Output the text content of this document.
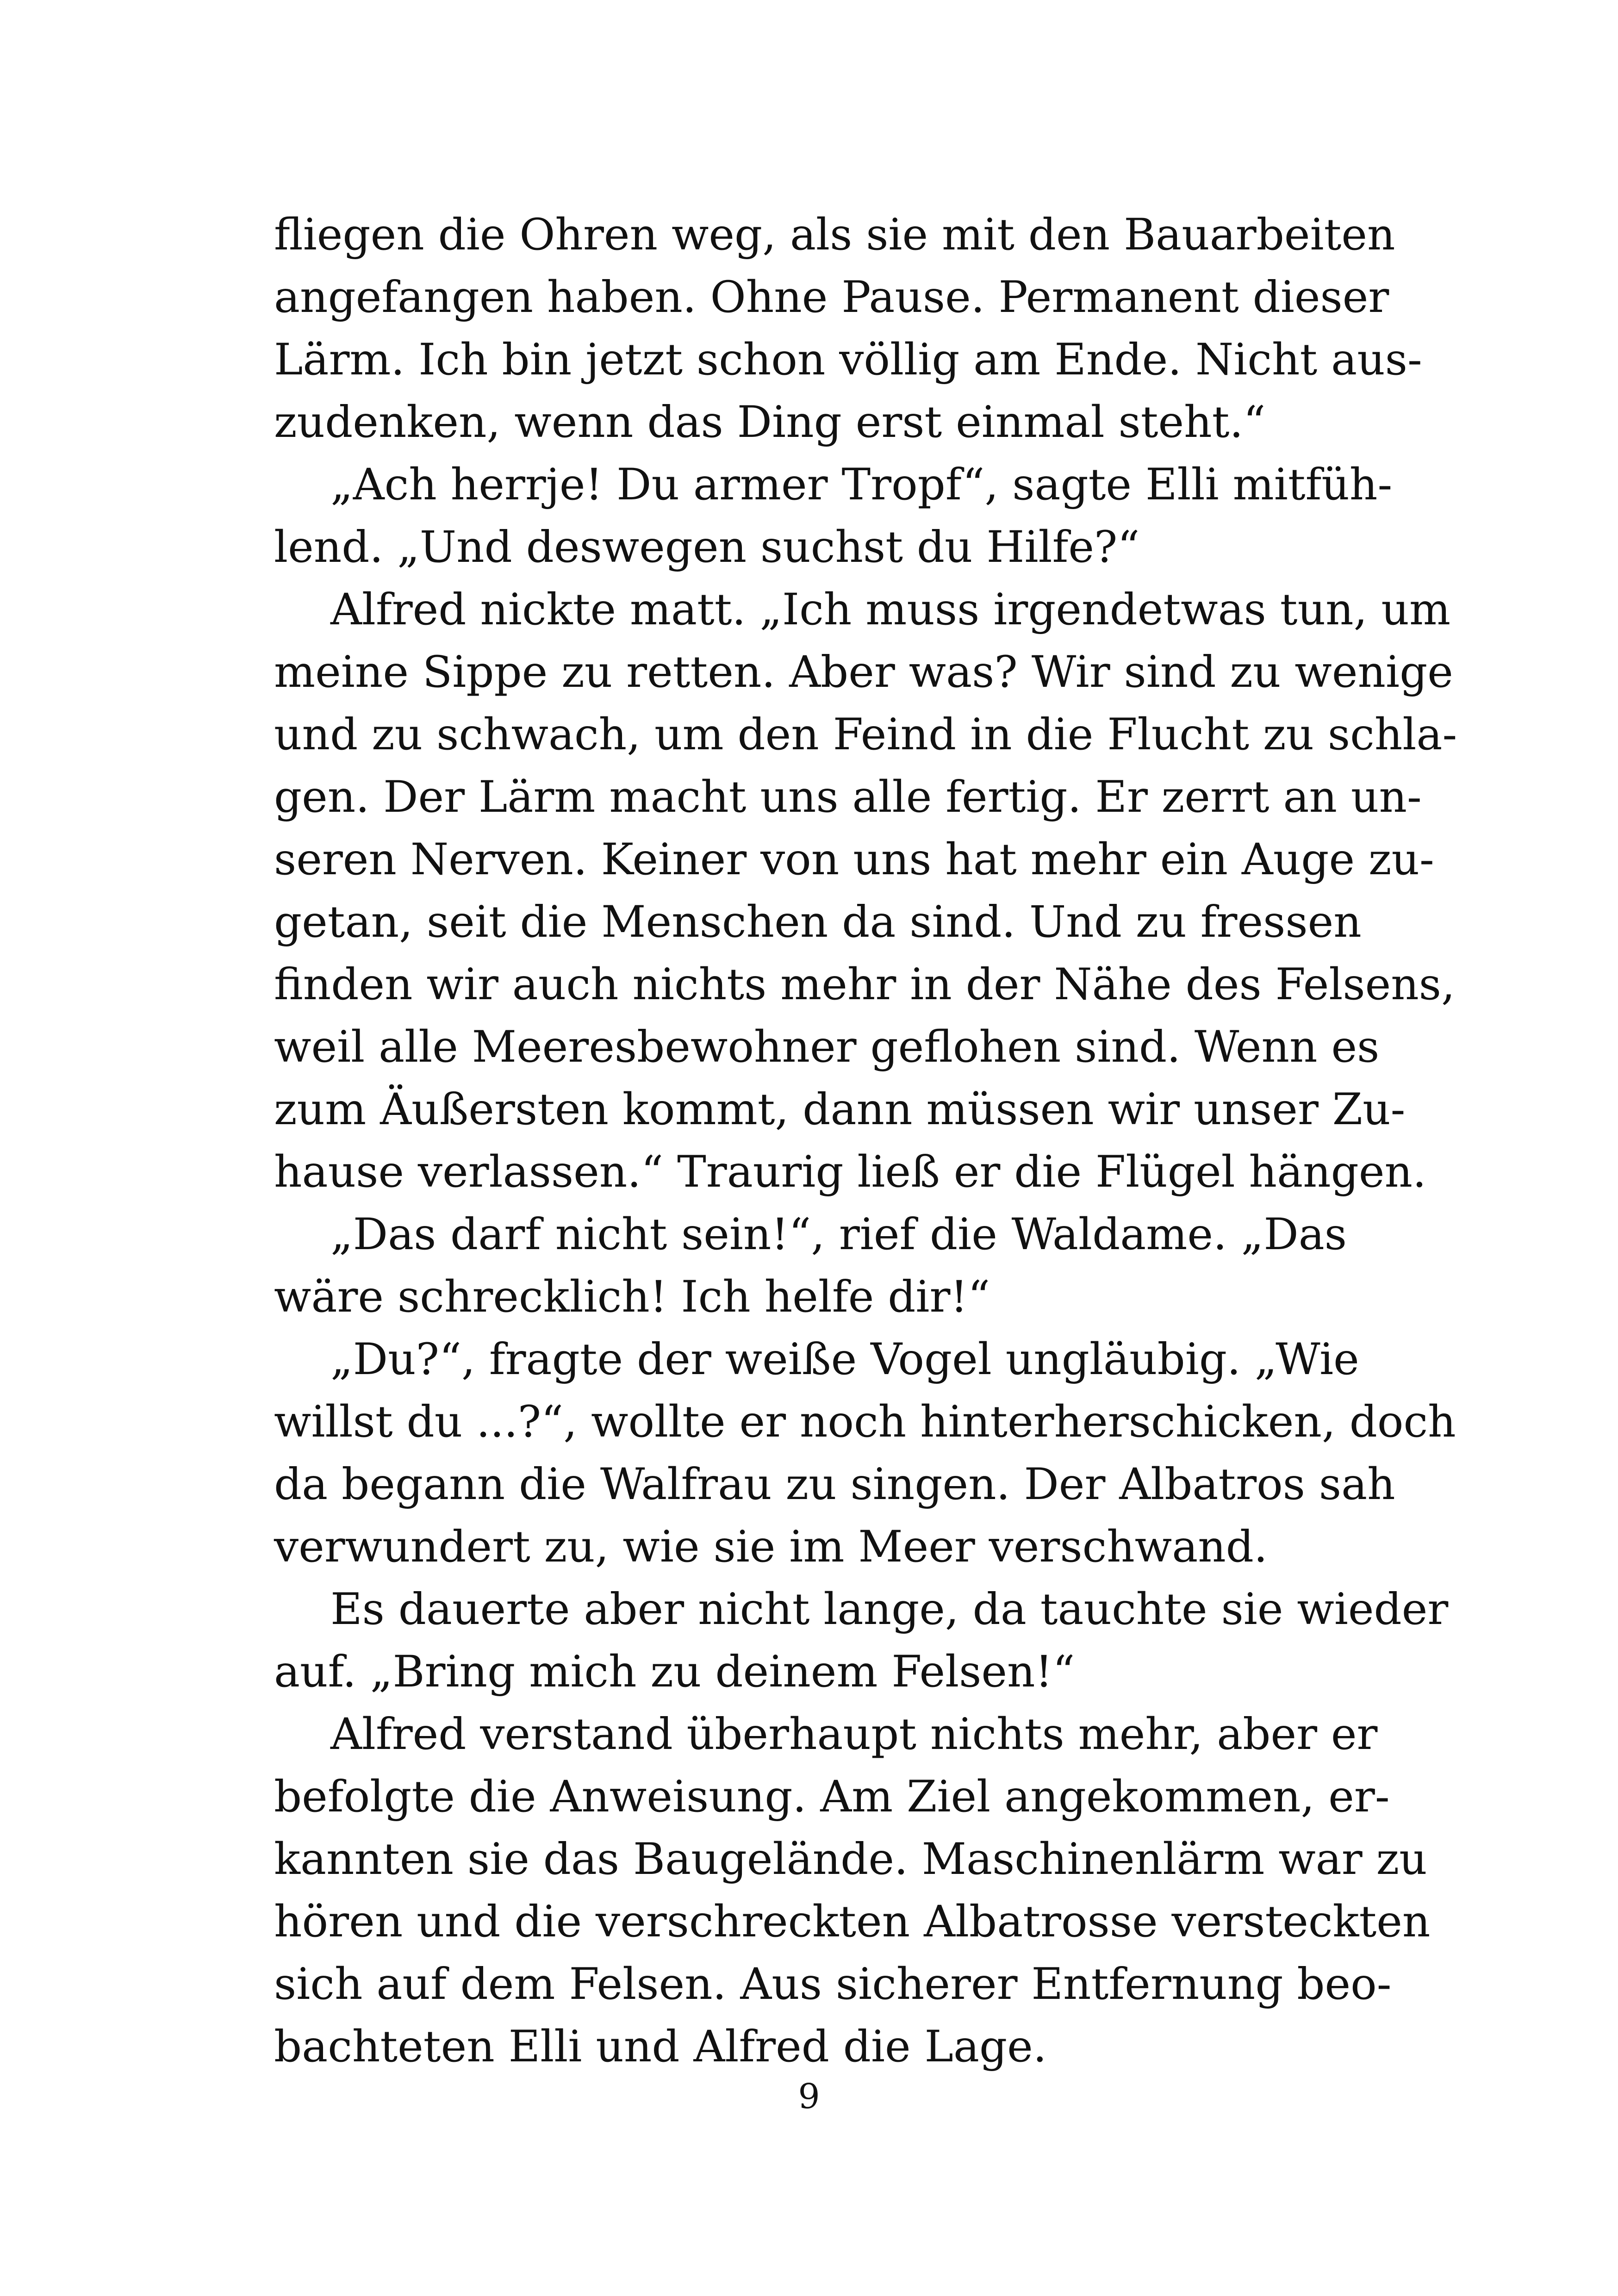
fliegen die Ohren weg, als sie mit den Bauarbeiten
angefangen haben. Ohne Pause. Permanent dieser
Lärm. Ich bin jetzt schon völlig am Ende. Nicht aus-
zudenken, wenn das Ding erst einmal steht.“
„Ach herrje! Du armer Tropf“, sagte Elli mitfüh-
lend. „Und deswegen suchst du Hilfe?“
Alfred nickte matt. „Ich muss irgendetwas tun, um
meine Sippe zu retten. Aber was? Wir sind zu wenige
und zu schwach, um den Feind in die Flucht zu schla-
gen. Der Lärm macht uns alle fertig. Er zerrt an un-
seren Nerven. Keiner von uns hat mehr ein Auge zu-
getan, seit die Menschen da sind. Und zu fressen
finden wir auch nichts mehr in der Nähe des Felsens,
weil alle Meeresbewohner geflohen sind. Wenn es
zum Äußersten kommt, dann müssen wir unser Zu-
hause verlassen.“ Traurig ließ er die Flügel hängen.
„Das darf nicht sein!“, rief die Waldame. „Das
wäre schrecklich! Ich helfe dir!“
„Du?“, fragte der weiße Vogel ungläubig. „Wie
willst du ...?“, wollte er noch hinterherschicken, doch
da begann die Walfrau zu singen. Der Albatros sah
verwundert zu, wie sie im Meer verschwand.
Es dauerte aber nicht lange, da tauchte sie wieder
auf. „Bring mich zu deinem Felsen!“
Alfred verstand überhaupt nichts mehr, aber er
befolgte die Anweisung. Am Ziel angekommen, er-
kannten sie das Baugelände. Maschinenlärm war zu
hören und die verschreckten Albatrosse versteckten
sich auf dem Felsen. Aus sicherer Entfernung beo-
bachteten Elli und Alfred die Lage.
9
